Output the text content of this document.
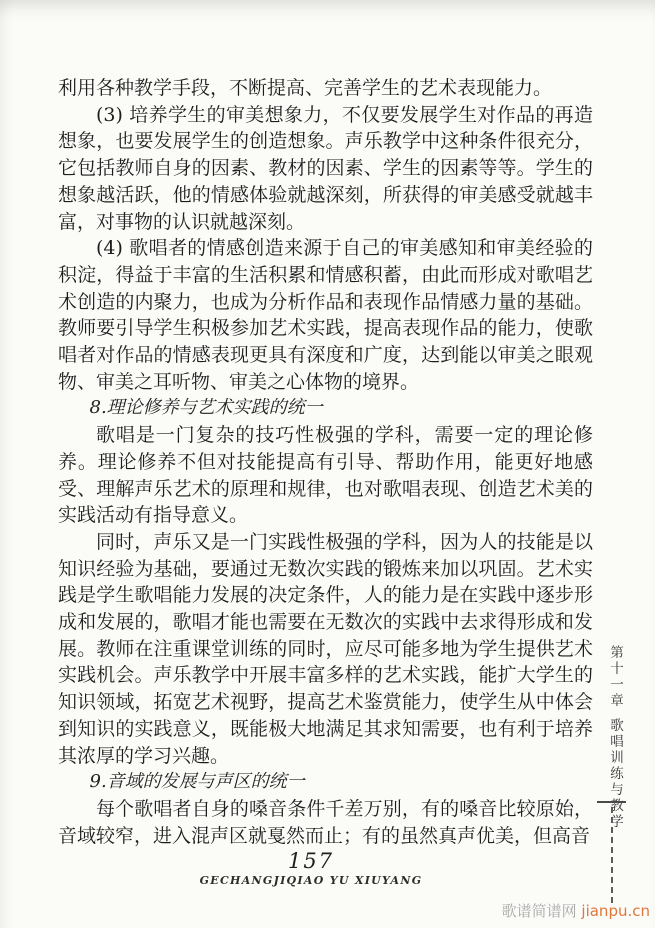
利用各种教学手段，不断提高、完善学生的艺术表现能力。

(3) 培养学生的审美想象力，不仅要发展学生对作品的再造想象，也要发展学生的创造想象。声乐教学中这种条件很充分，它包括教师自身的因素、教材的因素、学生的因素等等。学生的想象越活跃，他的情感体验就越深刻，所获得的审美感受就越丰富，对事物的认识就越深刻。

(4) 歌唱者的情感创造来源于自己的审美感知和审美经验的积淀，得益于丰富的生活积累和情感积蓄，由此而形成对歌唱艺术创造的内聚力，也成为分析作品和表现作品情感力量的基础。教师要引导学生积极参加艺术实践，提高表现作品的能力，使歌唱者对作品的情感表现更具有深度和广度，达到能以审美之眼观物、审美之耳听物、审美之心体物的境界。

8.理论修养与艺术实践的统一

歌唱是一门复杂的技巧性极强的学科，需要一定的理论修养。理论修养不但对技能提高有引导、帮助作用，能更好地感受、理解声乐艺术的原理和规律，也对歌唱表现、创造艺术美的实践活动有指导意义。

同时，声乐又是一门实践性极强的学科，因为人的技能是以知识经验为基础，要通过无数次实践的锻炼来加以巩固。艺术实践是学生歌唱能力发展的决定条件，人的能力是在实践中逐步形成和发展的，歌唱才能也需要在无数次的实践中去求得形成和发展。教师在注重课堂训练的同时，应尽可能多地为学生提供艺术实践机会。声乐教学中开展丰富多样的艺术实践，能扩大学生的知识领域，拓宽艺术视野，提高艺术鉴赏能力，使学生从中体会到知识的实践意义，既能极大地满足其求知需要，也有利于培养其浓厚的学习兴趣。

9.音域的发展与声区的统一

每个歌唱者自身的嗓音条件千差万别，有的嗓音比较原始，音域较窄，进入混声区就戛然而止；有的虽然真声优美，但高音

157
GECHANGJIQIAO YU XIUYANG
第十一章歌唱训练与教学
歌谱简谱网 jianpu.cn
